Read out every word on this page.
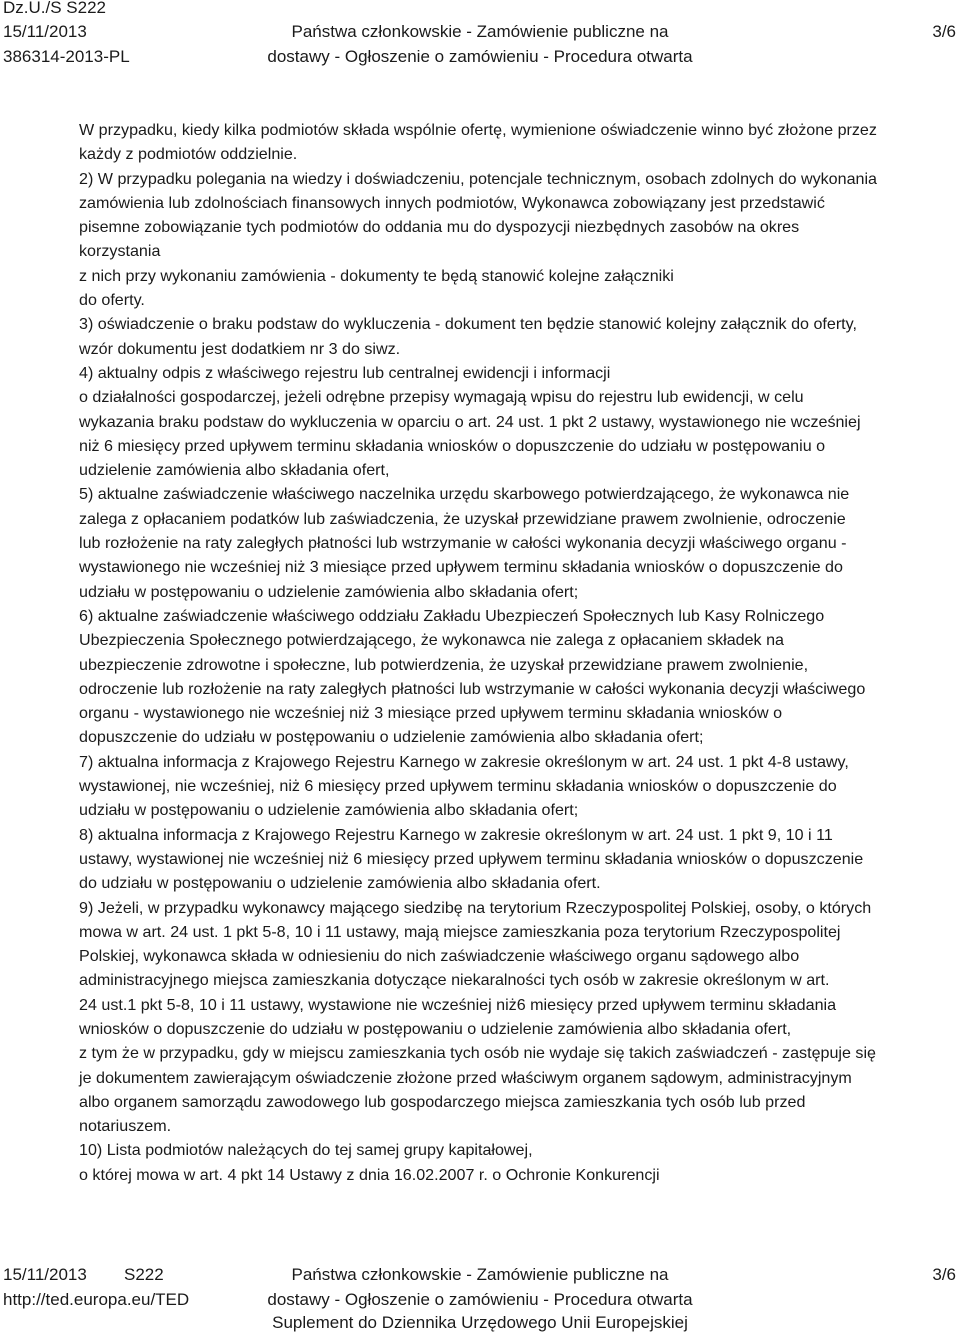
Dz.U./S S222
15/11/2013
386314-2013-PL
Państwa członkowskie - Zamówienie publiczne na
dostawy - Ogłoszenie o zamówieniu - Procedura otwarta
3/6

W przypadku, kiedy kilka podmiotów składa wspólnie ofertę, wymienione oświadczenie winno być złożone przez

każdy z podmiotów oddzielnie.

2) W przypadku polegania na wiedzy i doświadczeniu, potencjale technicznym, osobach zdolnych do wykonania

zamówienia lub zdolnościach finansowych innych podmiotów, Wykonawca zobowiązany jest przedstawić

pisemne zobowiązanie tych podmiotów do oddania mu do dyspozycji niezbędnych zasobów na okres

korzystania

z nich przy wykonaniu zamówienia - dokumenty te będą stanowić kolejne załączniki

do oferty.

3) oświadczenie o braku podstaw do wykluczenia - dokument ten będzie stanowić kolejny załącznik do oferty,

wzór dokumentu jest dodatkiem nr 3 do siwz.

4) aktualny odpis z właściwego rejestru lub centralnej ewidencji i informacji

o działalności gospodarczej, jeżeli odrębne przepisy wymagają wpisu do rejestru lub ewidencji, w celu

wykazania braku podstaw do wykluczenia w oparciu o art. 24 ust. 1 pkt 2 ustawy, wystawionego nie wcześniej

niż 6 miesięcy przed upływem terminu składania wniosków o dopuszczenie do udziału w postępowaniu o

udzielenie zamówienia albo składania ofert,

5) aktualne zaświadczenie właściwego naczelnika urzędu skarbowego potwierdzającego, że wykonawca nie

zalega z opłacaniem podatków lub zaświadczenia, że uzyskał przewidziane prawem zwolnienie, odroczenie

lub rozłożenie na raty zaległych płatności lub wstrzymanie w całości wykonania decyzji właściwego organu -

wystawionego nie wcześniej niż 3 miesiące przed upływem terminu składania wniosków o dopuszczenie do

udziału w postępowaniu o udzielenie zamówienia albo składania ofert;

6) aktualne zaświadczenie właściwego oddziału Zakładu Ubezpieczeń Społecznych lub Kasy Rolniczego

Ubezpieczenia Społecznego potwierdzającego, że wykonawca nie zalega z opłacaniem składek na

ubezpieczenie zdrowotne i społeczne, lub potwierdzenia, że uzyskał przewidziane prawem zwolnienie,

odroczenie lub rozłożenie na raty zaległych płatności lub wstrzymanie w całości wykonania decyzji właściwego

organu - wystawionego nie wcześniej niż 3 miesiące przed upływem terminu składania wniosków o

dopuszczenie do udziału w postępowaniu o udzielenie zamówienia albo składania ofert;

7) aktualna informacja z Krajowego Rejestru Karnego w zakresie określonym w art. 24 ust. 1 pkt 4-8 ustawy,

wystawionej, nie wcześniej, niż 6 miesięcy przed upływem terminu składania wniosków o dopuszczenie do

udziału w postępowaniu o udzielenie zamówienia albo składania ofert;

8) aktualna informacja z Krajowego Rejestru Karnego w zakresie określonym w art. 24 ust. 1 pkt 9, 10 i 11

ustawy, wystawionej nie wcześniej niż 6 miesięcy przed upływem terminu składania wniosków o dopuszczenie

do udziału w postępowaniu o udzielenie zamówienia albo składania ofert.

9) Jeżeli, w przypadku wykonawcy mającego siedzibę na terytorium Rzeczypospolitej Polskiej, osoby, o których

mowa w art. 24 ust. 1 pkt 5-8, 10 i 11 ustawy, mają miejsce zamieszkania poza terytorium Rzeczypospolitej

Polskiej, wykonawca składa w odniesieniu do nich zaświadczenie właściwego organu sądowego albo

administracyjnego miejsca zamieszkania dotyczące niekaralności tych osób w zakresie określonym w art.

24 ust.1 pkt 5-8, 10 i 11 ustawy, wystawione nie wcześniej niż6 miesięcy przed upływem terminu składania

wniosków o dopuszczenie do udziału w postępowaniu o udzielenie zamówienia albo składania ofert,

z tym że w przypadku, gdy w miejscu zamieszkania tych osób nie wydaje się takich zaświadczeń - zastępuje się

je dokumentem zawierającym oświadczenie złożone przed właściwym organem sądowym, administracyjnym

albo organem samorządu zawodowego lub gospodarczego miejsca zamieszkania tych osób lub przed

notariuszem.

10) Lista podmiotów należących do tej samej grupy kapitałowej,

o której mowa w art. 4 pkt 14 Ustawy z dnia 16.02.2007 r. o Ochronie Konkurencji

15/11/2013 S222
http://ted.europa.eu/TED
Państwa członkowskie - Zamówienie publiczne na
dostawy - Ogłoszenie o zamówieniu - Procedura otwarta
Suplement do Dziennika Urzędowego Unii Europejskiej
3/6
